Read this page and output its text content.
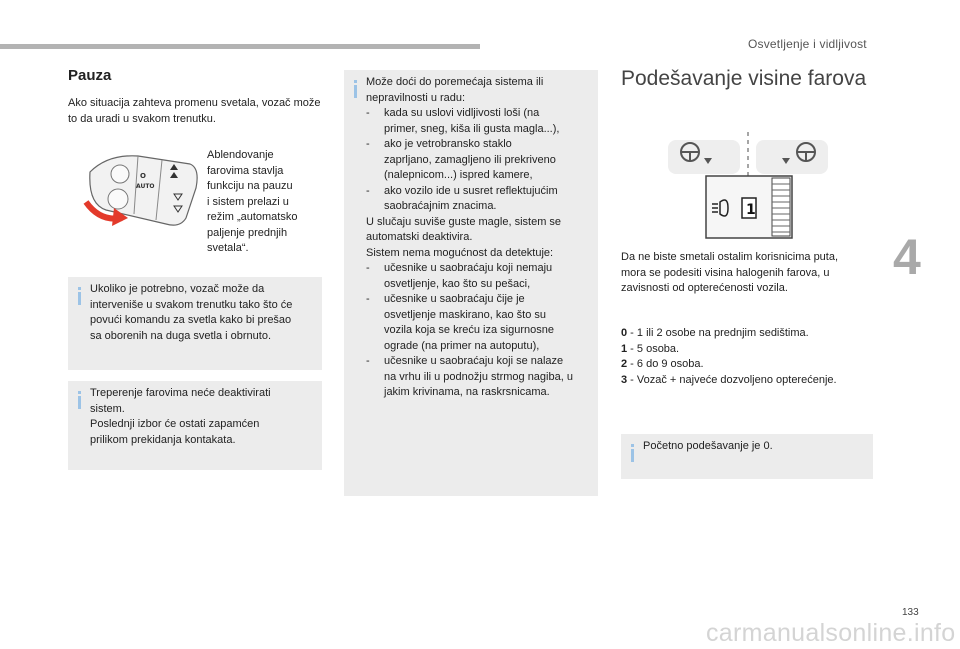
Osvetljenje i vidljivost
4
133
carmanualsonline.info
Pauza
Ako situacija zahteva promenu svetala, vozač može to da uradi u svakom trenutku.
O
AUTO
Ablendovanje
farovima stavlja
funkciju na pauzu
i sistem prelazi u
režim „automatsko
paljenje prednjih
svetala“.
Ukoliko je potrebno, vozač može da
interveniše u svakom trenutku tako što će
povući komandu za svetla kako bi prešao
sa oborenih na duga svetla i obrnuto.
Treperenje farovima neće deaktivirati
sistem.
Poslednji izbor će ostati zapamćen
prilikom prekidanja kontakata.
Može doći do poremećaja sistema ili
nepravilnosti u radu:
- kada su uslovi vidljivosti loši (na
primer, sneg, kiša ili gusta magla...),
- ako je vetrobransko staklo
zaprljano, zamagljeno ili prekriveno
(nalepnicom...) ispred kamere,
- ako vozilo ide u susret reflektujućim
saobraćajnim znacima.
U slučaju suviše guste magle, sistem se
automatski deaktivira.
Sistem nema mogućnost da detektuje:
- učesnike u saobraćaju koji nemaju
osvetljenje, kao što su pešaci,
- učesnike u saobraćaju čije je
osvetljenje maskirano, kao što su
vozila koja se kreću iza sigurnosne
ograde (na primer na autoputu),
- učesnike u saobraćaju koji se nalaze
na vrhu ili u podnožju strmog nagiba, u
jakim krivinama, na raskrsnicama.
Podešavanje visine farova
1
Da ne biste smetali ostalim korisnicima puta,
mora se podesiti visina halogenih farova, u
zavisnosti od opterećenosti vozila.
0 - 1 ili 2 osobe na prednjim sedištima.
1 - 5 osoba.
2 - 6 do 9 osoba.
3 - Vozač + najveće dozvoljeno opterećenje.
Početno podešavanje je 0.
